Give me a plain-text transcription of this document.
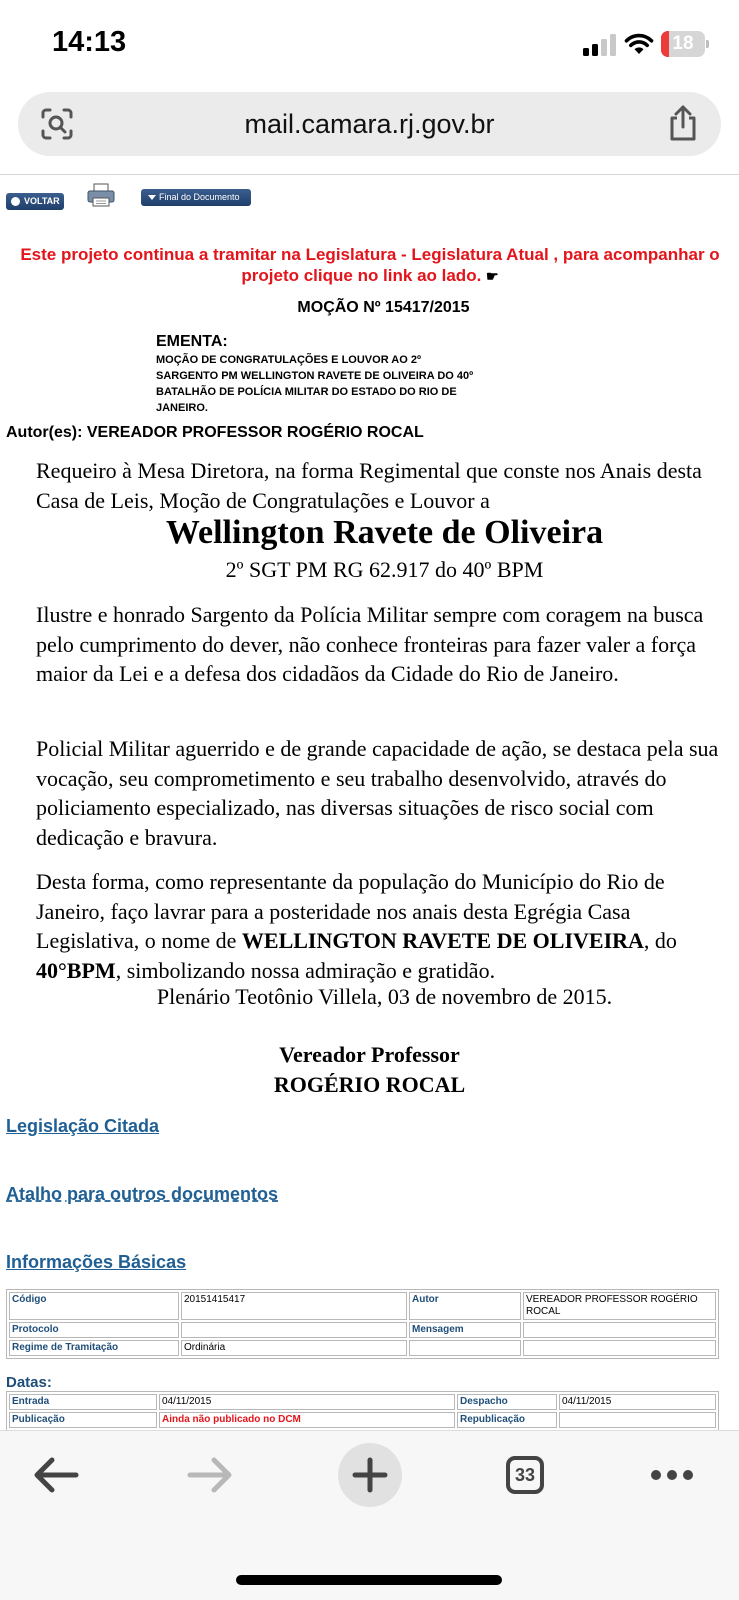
14:13	18
mail.camara.rj.gov.br
VOLTAR	Final do Documento
Este projeto continua a tramitar na Legislatura - Legislatura Atual , para acompanhar o projeto clique no link ao lado. ☛
MOÇÃO Nº 15417/2015
EMENTA:
MOÇÃO DE CONGRATULAÇÕES E LOUVOR AO 2º SARGENTO PM WELLINGTON RAVETE DE OLIVEIRA DO 40º BATALHÃO DE POLÍCIA MILITAR DO ESTADO DO RIO DE JANEIRO.
Autor(es): VEREADOR PROFESSOR ROGÉRIO ROCAL
Requeiro à Mesa Diretora, na forma Regimental que conste nos Anais desta Casa de Leis, Moção de Congratulações e Louvor a
Wellington Ravete de Oliveira
2º SGT PM RG 62.917 do 40º BPM
Ilustre e honrado Sargento da Polícia Militar sempre com coragem na busca pelo cumprimento do dever, não conhece fronteiras para fazer valer a força maior da Lei e a defesa dos cidadãos da Cidade do Rio de Janeiro.
Policial Militar aguerrido e de grande capacidade de ação, se destaca pela sua vocação, seu comprometimento e seu trabalho desenvolvido, através do policiamento especializado, nas diversas situações de risco social com dedicação e bravura.
Desta forma, como representante da população do Município do Rio de Janeiro, faço lavrar para a posteridade nos anais desta Egrégia Casa Legislativa, o nome de WELLINGTON RAVETE DE OLIVEIRA, do 40°BPM, simbolizando nossa admiração e gratidão.
Plenário Teotônio Villela, 03 de novembro de 2015.
Vereador Professor
ROGÉRIO ROCAL
Legislação Citada
Atalho para outros documentos
Informações Básicas
Código	20151415417	Autor	VEREADOR PROFESSOR ROGÉRIO ROCAL
Protocolo		Mensagem	
Regime de Tramitação	Ordinária		
Datas:
Entrada	04/11/2015	Despacho	04/11/2015
Publicação	Ainda não publicado no DCM	Republicação	
33
